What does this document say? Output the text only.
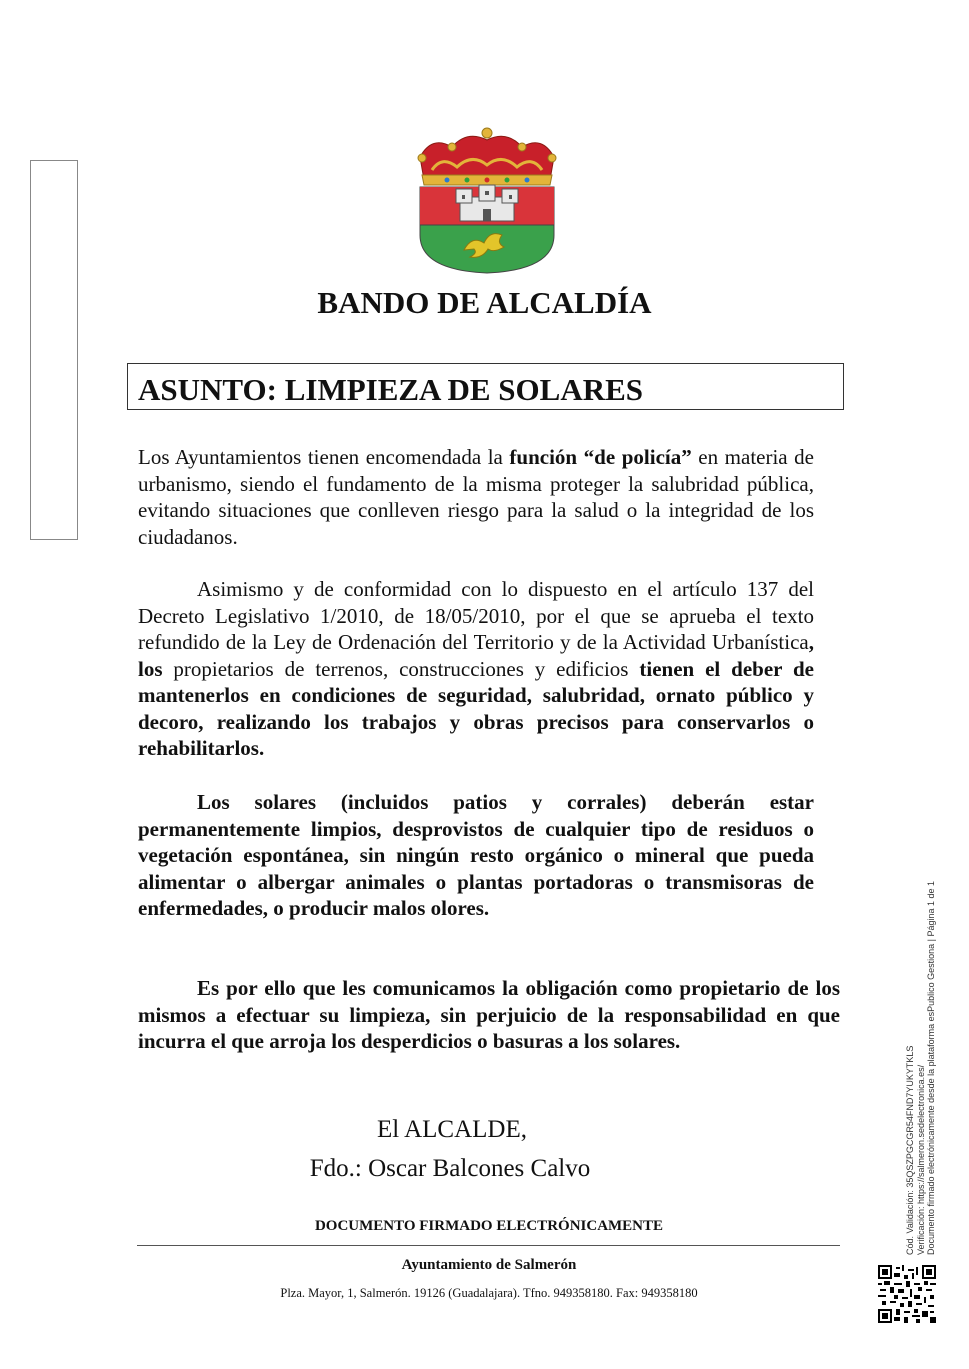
Cód. Validación: 35QSZPGCGR54FND7YUKYTKLS Verificación: https://salmeron.sedelectronica.es/ Documento firmado electrónicamente desde la plataforma esPublico Gestiona | Página 1 de 1
BANDO DE ALCALDÍA
ASUNTO: LIMPIEZA DE SOLARES

Los Ayuntamientos tienen encomendada la función “de policía” en materia de urbanismo, siendo el fundamento de la misma proteger la salubridad pública, evitando situaciones que conlleven riesgo para la salud o la integridad de los ciudadanos.

Asimismo y de conformidad con lo dispuesto en el artículo 137 del Decreto Legislativo 1/2010, de 18/05/2010, por el que se aprueba el texto refundido de la Ley de Ordenación del Territorio y de la Actividad Urbanística, los propietarios de terrenos, construcciones y edificios tienen el deber de mantenerlos en condiciones de seguridad, salubridad, ornato público y decoro, realizando los trabajos y obras precisos para conservarlos o rehabilitarlos.

Los solares (incluidos patios y corrales) deberán estar permanentemente limpios, desprovistos de cualquier tipo de residuos o vegetación espontánea, sin ningún resto orgánico o mineral que pueda alimentar o albergar animales o plantas portadoras o transmisoras de enfermedades, o producir malos olores.

Es por ello que les comunicamos la obligación como propietario de los mismos a efectuar su limpieza, sin perjuicio de la responsabilidad en que incurra el que arroja los desperdicios o basuras a los solares.

El ALCALDE,
Fdo.: Oscar Balcones Calvo
DOCUMENTO FIRMADO ELECTRÓNICAMENTE
Ayuntamiento de Salmerón
Plza. Mayor, 1, Salmerón. 19126 (Guadalajara). Tfno. 949358180. Fax: 949358180
